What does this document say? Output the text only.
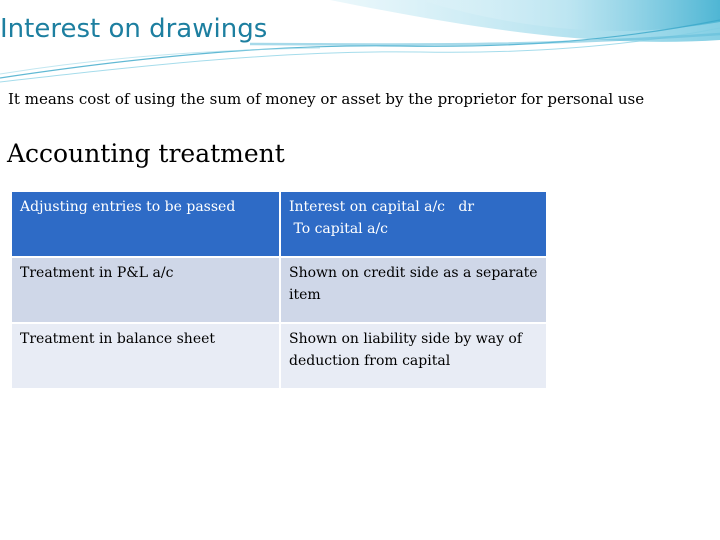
Interest on drawings

It means cost of using the sum of money or asset by the proprietor for personal use

Accounting treatment
Adjusting entries to be passed	Interest on capital a/c   dr
To capital a/c

Treatment in P&L a/c	Shown on credit side as a separate item
Treatment in balance sheet	Shown on liability side by way of  deduction from capital
